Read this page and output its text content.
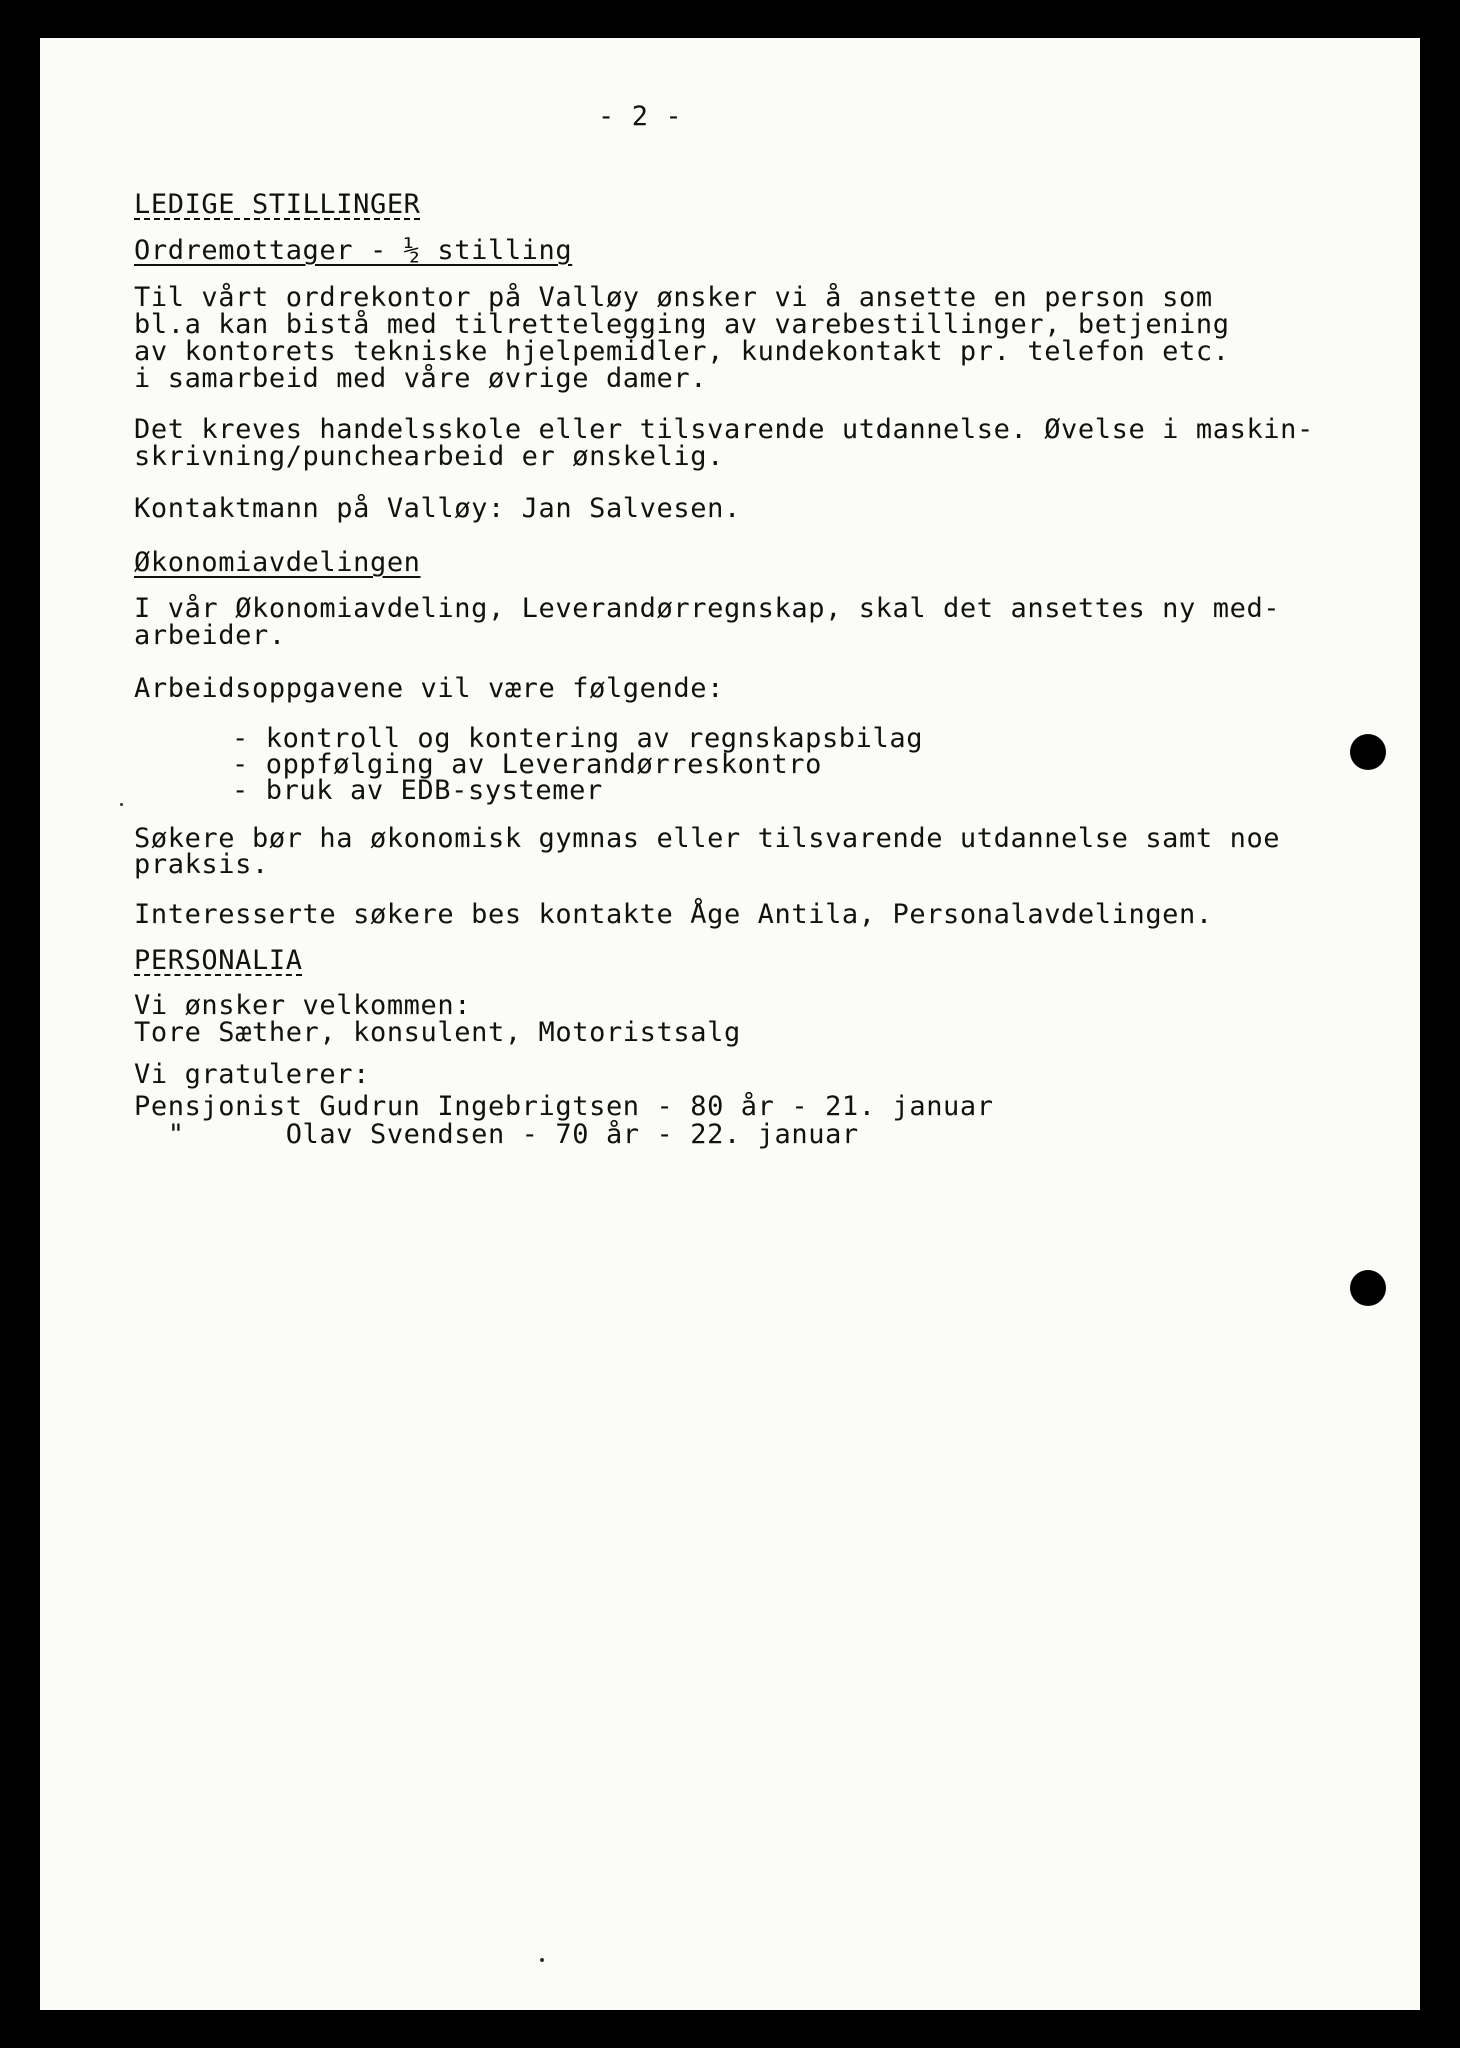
- 2 -
LEDIGE STILLINGER
Ordremottager - ½ stilling
Til vårt ordrekontor på Valløy ønsker vi å ansette en person som
bl.a kan bistå med tilrettelegging av varebestillinger, betjening
av kontorets tekniske hjelpemidler, kundekontakt pr. telefon etc.
i samarbeid med våre øvrige damer.
Det kreves handelsskole eller tilsvarende utdannelse. Øvelse i maskin-
skrivning/punchearbeid er ønskelig.
Kontaktmann på Valløy: Jan Salvesen.
Økonomiavdelingen
I vår Økonomiavdeling, Leverandørregnskap, skal det ansettes ny med-
arbeider.
Arbeidsoppgavene vil være følgende:
- kontroll og kontering av regnskapsbilag
- oppfølging av Leverandørreskontro
- bruk av EDB-systemer
Søkere bør ha økonomisk gymnas eller tilsvarende utdannelse samt noe
praksis.
Interesserte søkere bes kontakte Åge Antila, Personalavdelingen.
PERSONALIA
Vi ønsker velkommen:
Tore Sæther, konsulent, Motoristsalg
Vi gratulerer:
Pensjonist Gudrun Ingebrigtsen - 80 år - 21. januar
"      Olav Svendsen - 70 år - 22. januar
